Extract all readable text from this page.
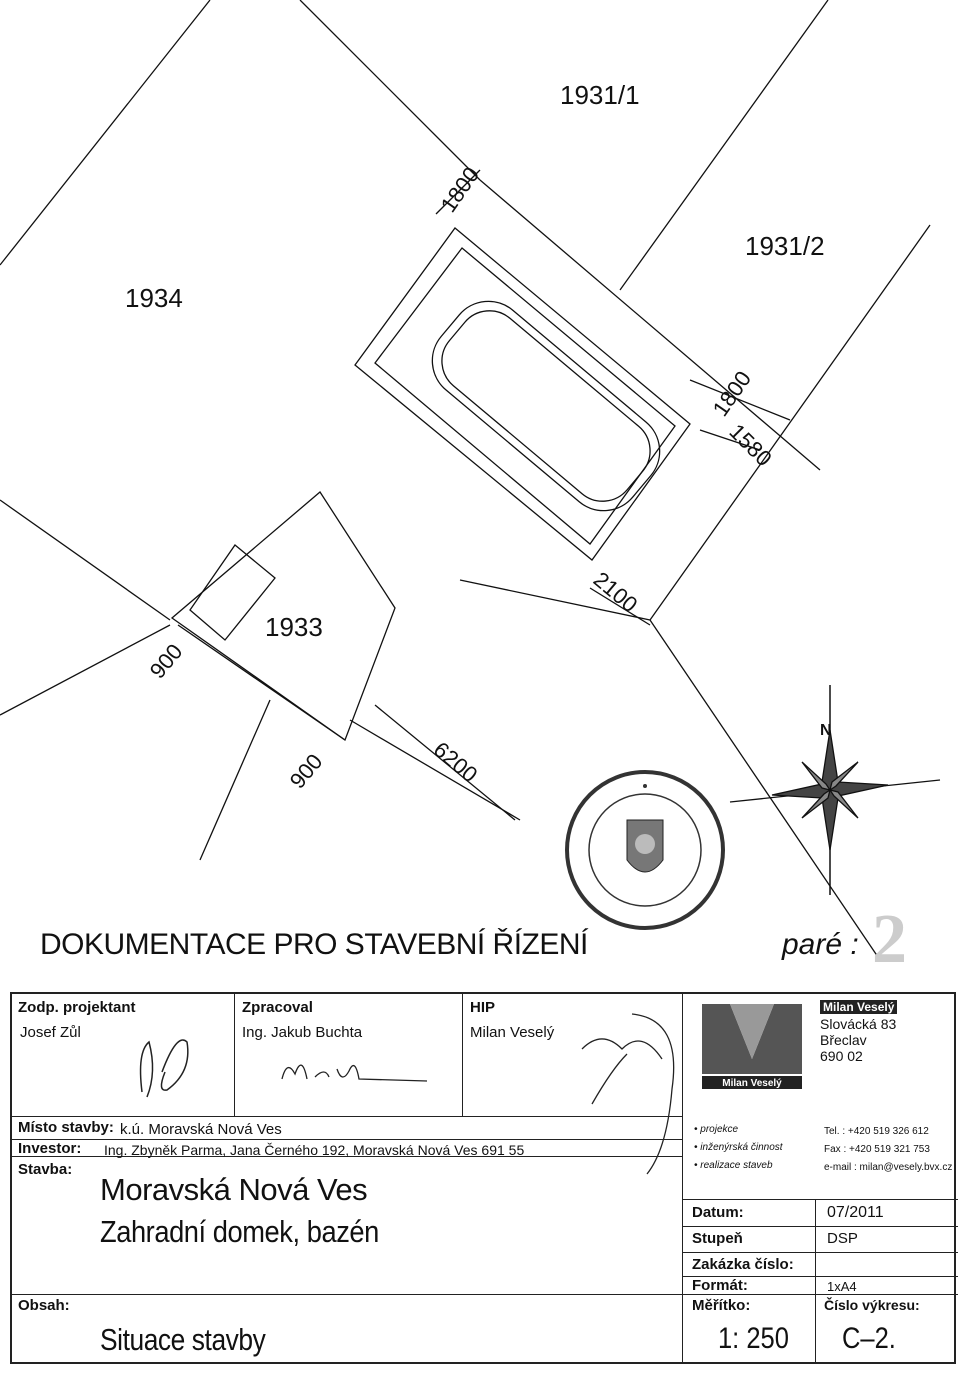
1931/1
1931/2
1934
1933
1800
1800
1580
2100
900
900	6200
N
DOKUMENTACE PRO STAVEBNÍ ŘÍZENÍ	paré : 2
Zodp. projektant
Josef Zůl
Zpracoval
Ing. Jakub Buchta
HIP
Milan Veselý
Místo stavby: k.ú. Moravská Nová Ves
Investor: Ing. Zbyněk Parma, Jana Černého 192, Moravská Nová Ves 691 55
Stavba:
Moravská Nová Ves
Zahradní domek, bazén
Obsah:
Situace stavby
Milan Veselý
Milan Veselý
Slovácká 83
Břeclav
690 02
• projekce
• inženýrská činnost
• realizace staveb
Tel. : +420 519 326 612
Fax : +420 519 321 753
e-mail : milan@vesely.bvx.cz
Datum:	07/2011
Stupeň	DSP
Zakázka číslo:
Formát:	1xA4
Měřítko:	Číslo výkresu:
1: 250 C–2.
